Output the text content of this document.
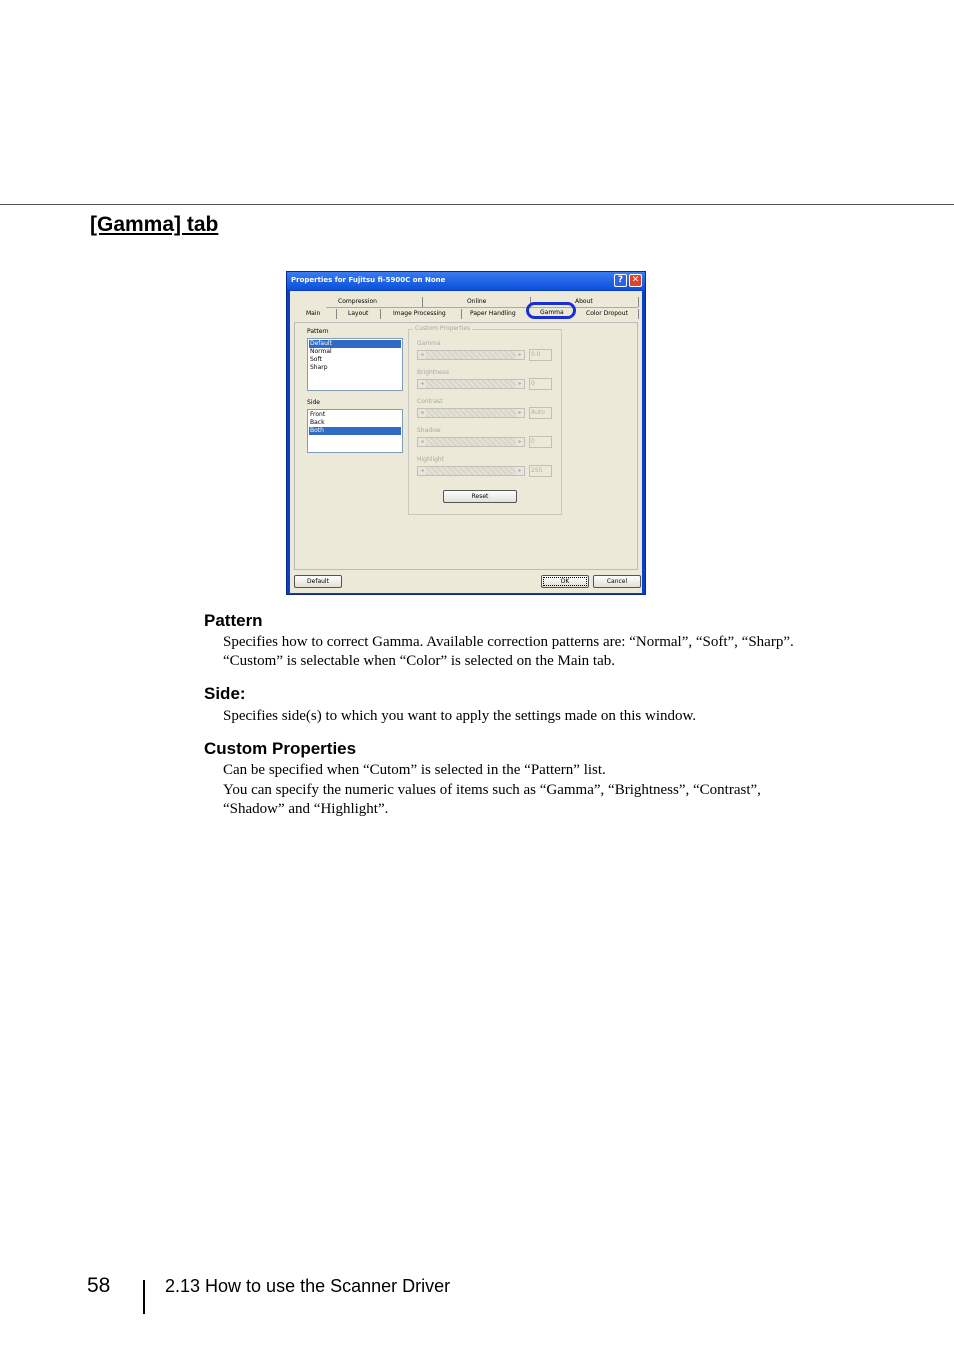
[Gamma] tab
Properties for Fujitsu fi-5900C on None	? ✕
Compression	Online	About
Main	Layout	Image Processing	Paper Handling	Gamma	Color Dropout
Pattern
Default
Normal
Soft
Sharp
Side
Front
Back
Both
Custom Properties
Gamma
◂	▸	0.0
Brightness
◂	▸	0
Contrast
◂	▸	Auto
Shadow
◂	▸	0
Highlight
◂	▸	255
Reset
Default	OK	Cancel
Pattern
Specifies how to correct Gamma. Available correction patterns are: “Normal”, “Soft”, “Sharp”.
“Custom” is selectable when “Color” is selected on the Main tab.
Side:
Specifies side(s) to which you want to apply the settings made on this window.
Custom Properties
Can be specified when “Cutom” is selected in the “Pattern” list.
You can specify the numeric values of items such as “Gamma”, “Brightness”, “Contrast”,
“Shadow” and “Highlight”.
58	2.13 How to use the Scanner Driver
